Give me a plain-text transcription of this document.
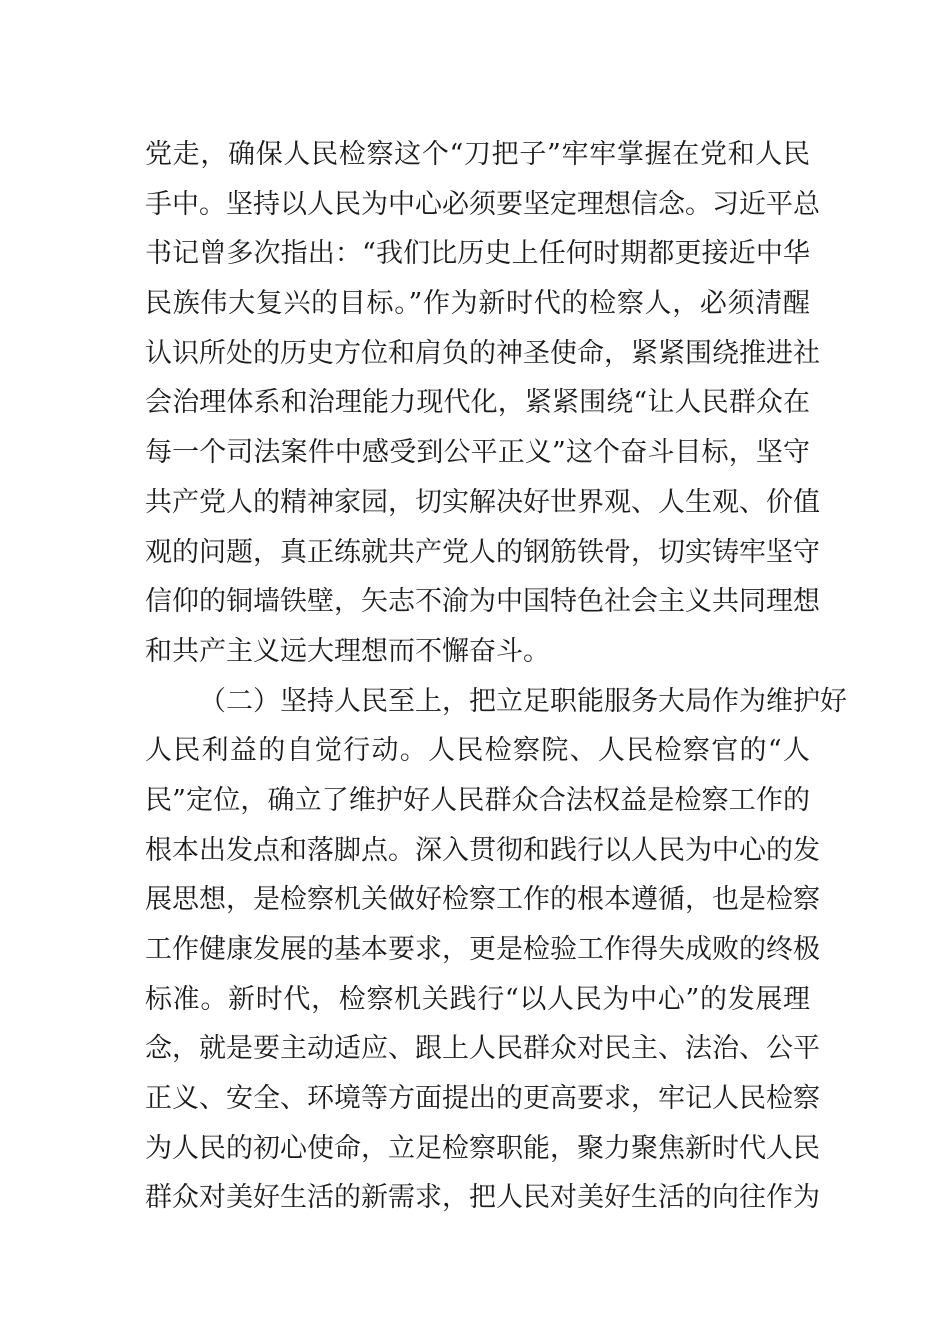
党走，确保人民检察这个“刀把子”牢牢掌握在党和人民
手中。坚持以人民为中心必须要坚定理想信念。习近平总
书记曾多次指出：“我们比历史上任何时期都更接近中华
民族伟大复兴的目标。”作为新时代的检察人，必须清醒
认识所处的历史方位和肩负的神圣使命，紧紧围绕推进社
会治理体系和治理能力现代化，紧紧围绕“让人民群众在
每一个司法案件中感受到公平正义”这个奋斗目标，坚守
共产党人的精神家园，切实解决好世界观、人生观、价值
观的问题，真正练就共产党人的钢筋铁骨，切实铸牢坚守
信仰的铜墙铁壁，矢志不渝为中国特色社会主义共同理想
和共产主义远大理想而不懈奋斗。
（二）坚持人民至上，把立足职能服务大局作为维护好
人民利益的自觉行动。人民检察院、人民检察官的“人
民”定位，确立了维护好人民群众合法权益是检察工作的
根本出发点和落脚点。深入贯彻和践行以人民为中心的发
展思想，是检察机关做好检察工作的根本遵循，也是检察
工作健康发展的基本要求，更是检验工作得失成败的终极
标准。新时代，检察机关践行“以人民为中心”的发展理
念，就是要主动适应、跟上人民群众对民主、法治、公平
正义、安全、环境等方面提出的更高要求，牢记人民检察
为人民的初心使命，立足检察职能，聚力聚焦新时代人民
群众对美好生活的新需求，把人民对美好生活的向往作为
